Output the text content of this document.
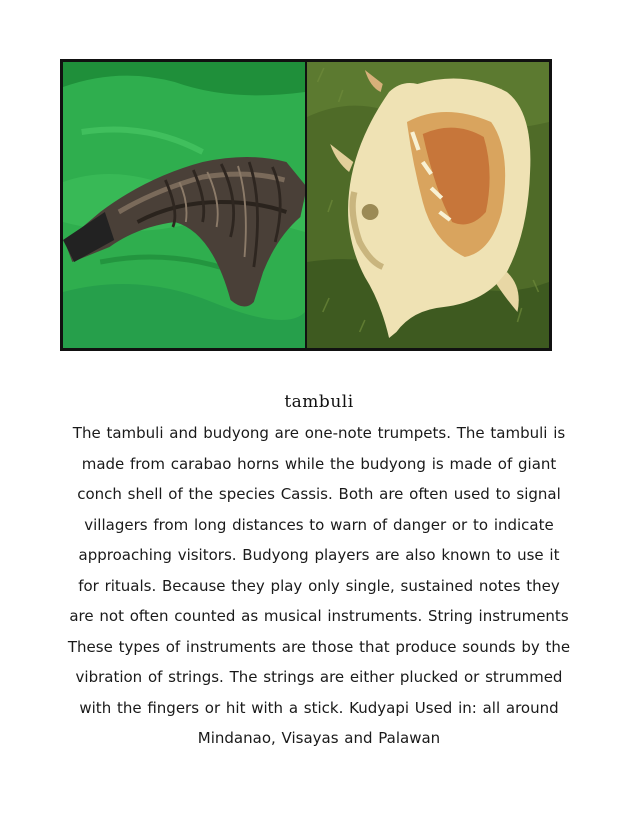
tambuli
The tambuli and budyong are one-note trumpets. The tambuli is made from carabao horns while the budyong is made of giant conch shell of the species Cassis. Both are often used to signal villagers from long distances to warn of danger or to indicate approaching visitors. Budyong players are also known to use it for rituals. Because they play only single, sustained notes they are not often counted as musical instruments. String instruments These types of instruments are those that produce sounds by the vibration of strings. The strings are either plucked or strummed with the fingers or hit with a stick. Kudyapi Used in: all around Mindanao, Visayas and Palawan
